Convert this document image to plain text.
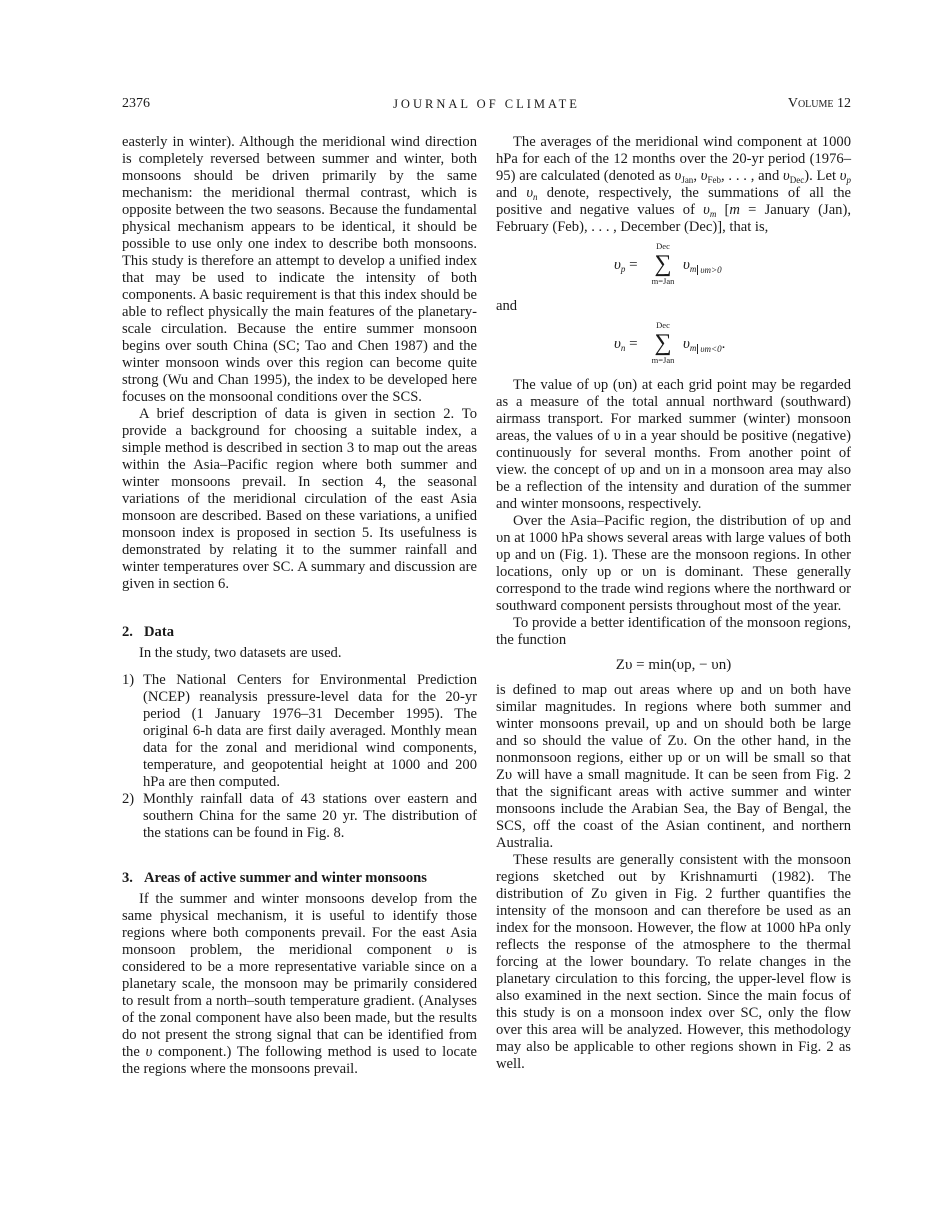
2376	JOURNAL OF CLIMATE	Volume 12

easterly in winter). Although the meridional wind direction is completely reversed between summer and winter, both monsoons should be driven primarily by the same mechanism: the meridional thermal contrast, which is opposite between the two seasons. Because the fundamental physical mechanism appears to be identical, it should be possible to use only one index to describe both monsoons. This study is therefore an attempt to develop a unified index that may be used to indicate the intensity of both components. A basic requirement is that this index should be able to reflect physically the main features of the planetary-scale circulation. Because the entire summer monsoon begins over south China (SC; Tao and Chen 1987) and the winter monsoon winds over this region can become quite strong (Wu and Chan 1995), the index to be developed here focuses on the monsoonal conditions over the SCS.

A brief description of data is given in section 2. To provide a background for choosing a suitable index, a simple method is described in section 3 to map out the areas within the Asia–Pacific region where both summer and winter monsoons prevail. In section 4, the seasonal variations of the meridional circulation of the east Asia monsoon are described. Based on these variations, a unified monsoon index is proposed in section 5. Its usefulness is demonstrated by relating it to the summer rainfall and winter temperatures over SC. A summary and discussion are given in section 6.

2. Data

In the study, two datasets are used.

1) The National Centers for Environmental Prediction (NCEP) reanalysis pressure-level data for the 20-yr period (1 January 1976–31 December 1995). The original 6-h data are first daily averaged. Monthly mean data for the zonal and meridional wind components, temperature, and geopotential height at 1000 and 200 hPa are then computed.
2) Monthly rainfall data of 43 stations over eastern and southern China for the same 20 yr. The distribution of the stations can be found in Fig. 8.
3. Areas of active summer and winter monsoons

If the summer and winter monsoons develop from the same physical mechanism, it is useful to identify those regions where both components prevail. For the east Asia monsoon problem, the meridional component υ is considered to be a more representative variable since on a planetary scale, the monsoon may be primarily considered to result from a north–south temperature gradient. (Analyses of the zonal component have also been made, but the results do not present the strong signal that can be identified from the υ component.) The following method is used to locate the regions where the monsoons prevail.

The averages of the meridional wind component at 1000 hPa for each of the 12 months over the 20-yr period (1976–95) are calculated (denoted as $\upsilon_{Jan}$, $\upsilon_{Feb}$, . . . , and $\upsilon_{Dec}$). Let $\upsilon_p$ and $\upsilon_n$ denote, respectively, the summations of all the positive and negative values of $\upsilon_m$ [m = January (Jan), February (Feb), . . . , December (Dec)], that is,

$\upsilon_p$ =
Dec
∑
m=Jan
$\upsilon_m$ $_{\upsilon m>0}$

and

$\upsilon_n$ =
Dec
∑
m=Jan
$\upsilon_m$ $_{\upsilon m<0}$.

The value of υp (υn) at each grid point may be regarded as a measure of the total annual northward (southward) airmass transport. For marked summer (winter) monsoon areas, the values of υ in a year should be positive (negative) continuously for several months. From another point of view. the concept of υp and υn in a monsoon area may also be a reflection of the intensity and duration of the summer and winter monsoons, respectively.

Over the Asia–Pacific region, the distribution of υp and υn at 1000 hPa shows several areas with large values of both υp and υn (Fig. 1). These are the monsoon regions. In other locations, only υp or υn is dominant. These generally correspond to the trade wind regions where the northward or southward component persists throughout most of the year.

To provide a better identification of the monsoon regions, the function

Zυ = min(υp, − υn)

is defined to map out areas where υp and υn both have similar magnitudes. In regions where both summer and winter monsoons prevail, υp and υn should both be large and so should the value of Zυ. On the other hand, in the nonmonsoon regions, either υp or υn will be small so that Zυ will have a small magnitude. It can be seen from Fig. 2 that the significant areas with active summer and winter monsoons include the Arabian Sea, the Bay of Bengal, the SCS, off the coast of the Asian continent, and northern Australia.

These results are generally consistent with the monsoon regions sketched out by Krishnamurti (1982). The distribution of Zυ given in Fig. 2 further quantifies the intensity of the monsoon and can therefore be used as an index for the monsoon. However, the flow at 1000 hPa only reflects the response of the atmosphere to the thermal forcing at the lower boundary. To relate changes in the planetary circulation to this forcing, the upper-level flow is also examined in the next section. Since the main focus of this study is on a monsoon index over SC, only the flow over this area will be analyzed. However, this methodology may also be applicable to other regions shown in Fig. 2 as well.
